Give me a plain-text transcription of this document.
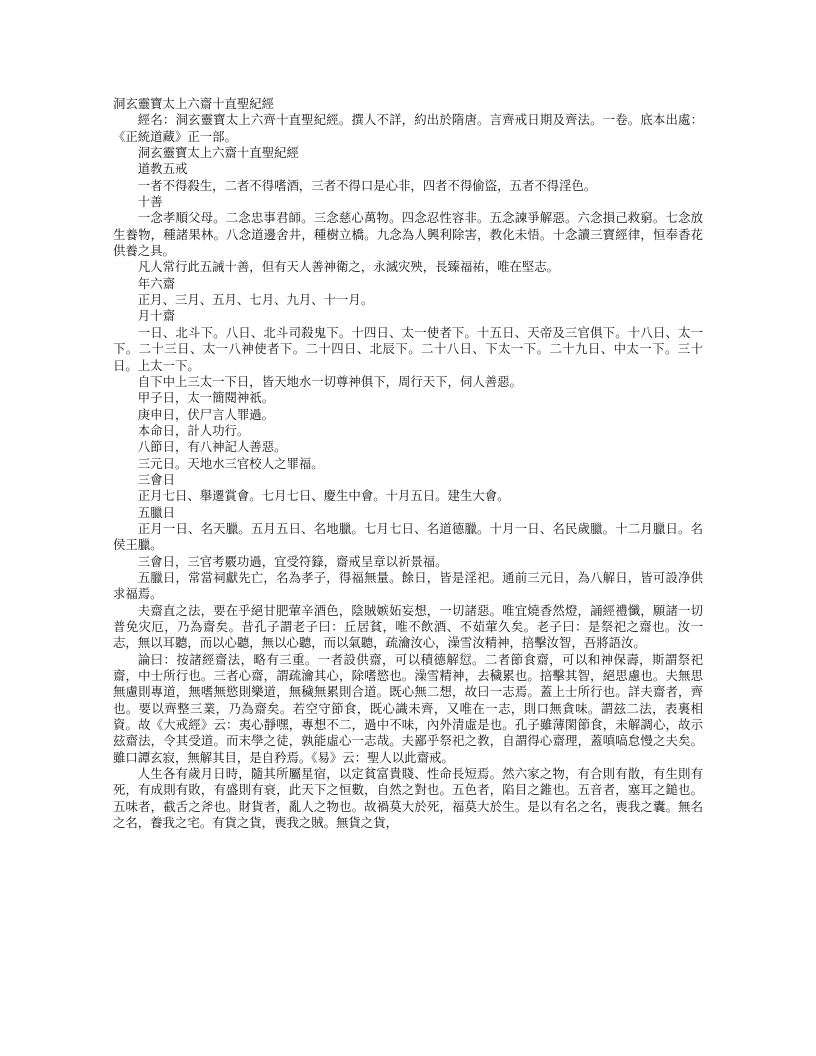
洞玄靈寶太上六齋十直聖紀經

經名：洞玄靈寶太上六齊十直聖紀經。撰人不詳，約出於隋唐。言齊戒日期及齊法。一卷。底本出處：《正統道藏》正一部。

洞玄靈寶太上六齋十直聖紀經

道教五戒

一者不得殺生，二者不得嗜酒，三者不得口是心非，四者不得偷盜，五者不得淫色。

十善

一念孝順父母。二念忠事君師。三念慈心萬物。四念忍性容非。五念諫爭解惡。六念損己救窮。七念放生養物，種諸果林。八念道邊舍井，種樹立橋。九念為人興利除害，教化未悟。十念讀三寶經律，恒奉香花供養之具。

凡人常行此五誡十善，但有天人善神衛之，永滅灾殃，長臻福祐，唯在堅志。

年六齋

正月、三月、五月、七月、九月、十一月。

月十齋

一日、北斗下。八日、北斗司殺鬼下。十四日、太一使者下。十五日、天帝及三官俱下。十八日、太一下。二十三日、太一八神使者下。二十四日、北辰下。二十八日、下太一下。二十九日、中太一下。三十日。上太一下。

自下中上三太一下日，皆天地水一切尊神俱下，周行天下，伺人善惡。

甲子日，太一簡閱神祇。

庚申日，伏尸言人罪過。

本命日，計人功行。

八節日，有八神記人善惡。

三元日。天地水三官校人之罪福。

三會日

正月七日、舉遷賞會。七月七日、慶生中會。十月五日。建生大會。

五臘日

正月一日、名天臘。五月五日、名地臘。七月七日、名道德臘。十月一日、名民歲臘。十二月臘日。名侯王臘。

三會日，三官考覈功過，宜受符籙，齋戒呈章以祈景福。

五臘日，常當祠獻先亡，名為孝子，得福無量。餘日，皆是淫祀。通前三元日，為八解日，皆可設净供求福焉。

夫齋直之法，要在乎絕甘肥葷辛酒色，陰賊嫉妬妄想，一切諸惡。唯宜燒香然燈，誦經禮懺，願諸一切普免灾厄，乃為齋矣。昔孔子謂老子曰：丘居貧，唯不飲酒、不茹葷久矣。老子曰：是祭祀之齋也。汝一志，無以耳聽，而以心聽，無以心聽，而以氣聽，疏瀹汝心，澡雪汝精神，掊擊汝智，吾將語汝。

論曰：按諸經齋法，略有三重。一者設供齋，可以積德解愆。二者節食齋，可以和神保壽，斯謂祭祀齋，中士所行也。三者心齋，謂疏瀹其心，除嗜慾也。澡雪精神，去穢累也。掊擊其智，絕思慮也。夫無思無慮則專道，無嗜無慾則樂道，無穢無累則合道。既心無二想，故曰一志焉。蓋上士所行也。詳夫齋者，齊也。要以齊整三業，乃為齋矣。若空守節食，既心識未齊，又唯在一志，則口無貪味。謂玆二法，表裏相資。故《大戒經》云：夷心靜嘿，專想不二，過中不味，內外清虛是也。孔子雖薄閑節食，未解調心，故示玆齋法，令其受道。而末學之徒，孰能虛心一志哉。夫鄙乎祭祀之教，自謂得心齋理，蓋嗔嗃怠慢之夫矣。雖口譚玄寂，無解其目，是自矜焉。《易》云：聖人以此齋戒。

人生各有歲月日時，隨其所屬星宿，以定貧富貴賤、性命長短焉。然六家之物，有合則有散，有生則有死，有成則有敗，有盛則有衰，此天下之恒數，自然之對也。五色者，陷目之錐也。五音者，塞耳之鎚也。五味者，截舌之斧也。財貨者，亂人之物也。故禍莫大於死，福莫大於生。是以有名之名，喪我之囊。無名之名，養我之宅。有貨之貨，喪我之賊。無貨之貨，
